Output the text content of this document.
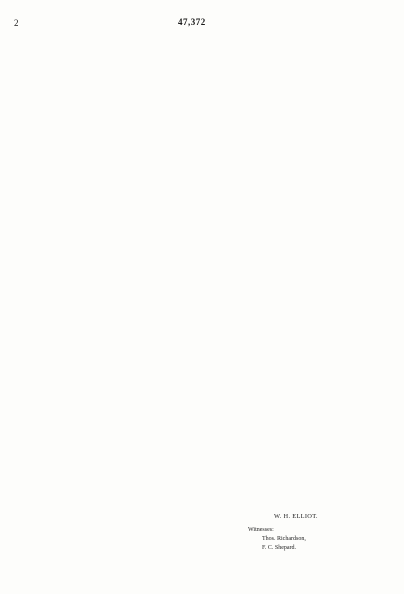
2	47,372
W. H. ELLIOT.
Witnesses:
Thos. Richardson,
F. C. Shepard.
